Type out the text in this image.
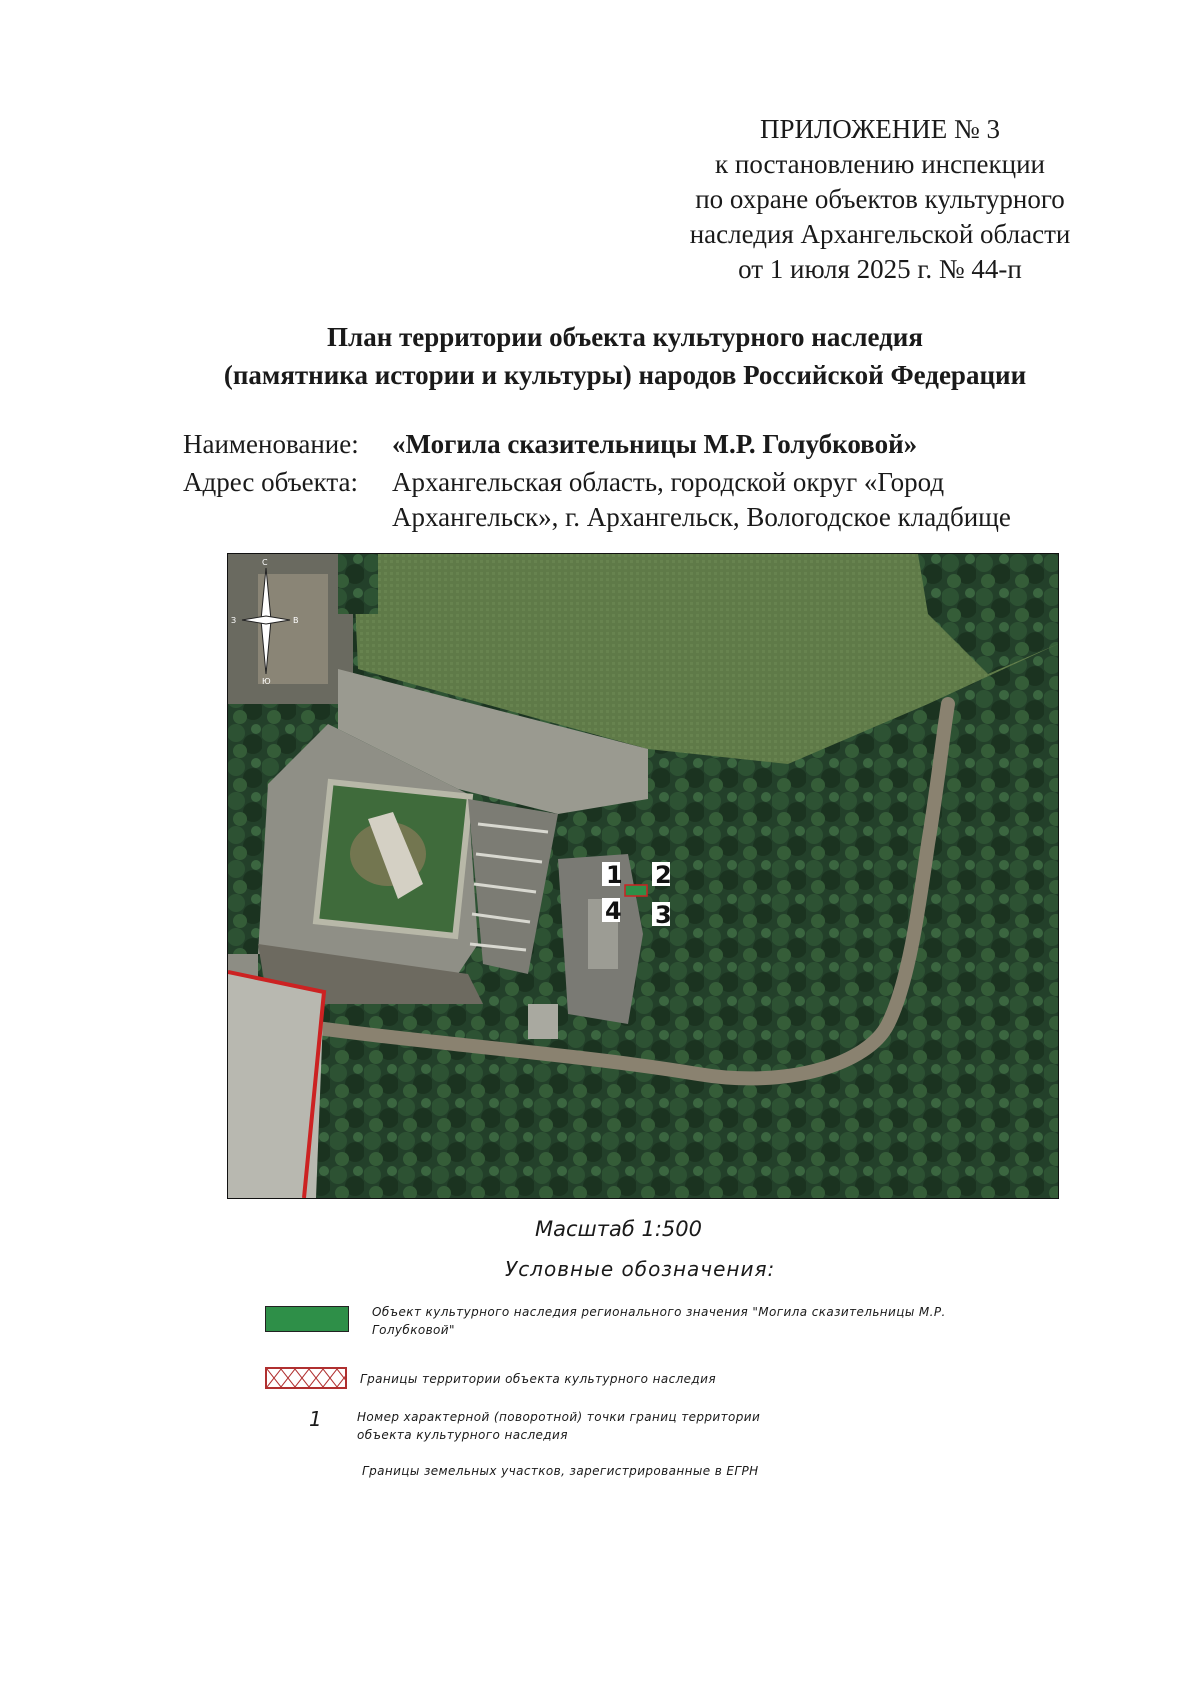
ПРИЛОЖЕНИЕ № 3
к постановлению инспекции
по охране объектов культурного
наследия Архангельской области
от 1 июля 2025 г. № 44-п
План территории объекта культурного наследия
(памятника истории и культуры) народов Российской Федерации
Наименование: «Могила сказительницы М.Р. Голубковой»
Адрес объекта: Архангельская область, городской округ «Город
Архангельск», г. Архангельск, Вологодское кладбище
1 2
3
4
С
Ю
З	В
Масштаб 1:500
Условные обозначения:
Объект культурного наследия регионального значения "Могила сказительницы М.Р.
Голубковой"
Границы территории объекта культурного наследия
1	Номер характерной (поворотной) точки границ территории
объекта культурного наследия
Границы земельных участков, зарегистрированные в ЕГРН
